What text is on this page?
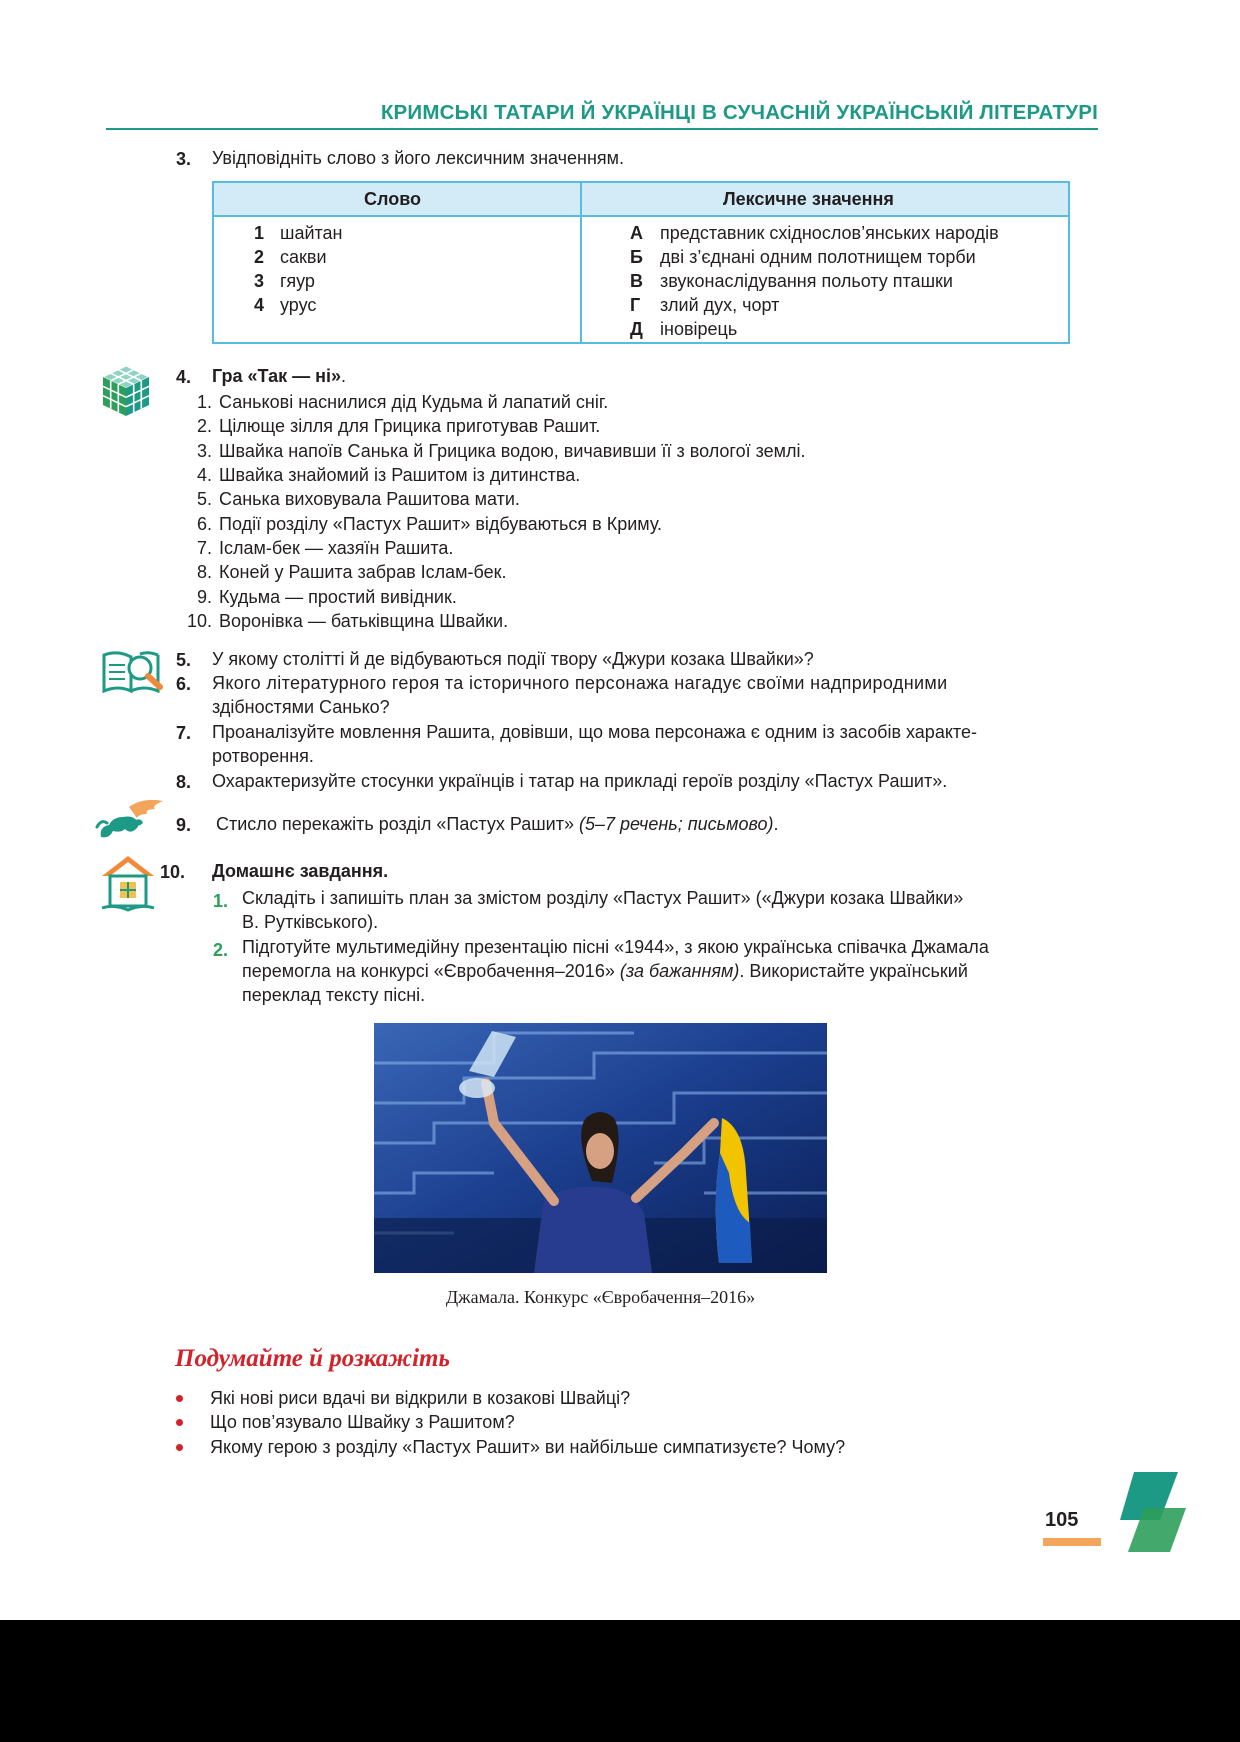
КРИМСЬКІ ТАТАРИ Й УКРАЇНЦІ В СУЧАСНІЙ УКРАЇНСЬКІЙ ЛІТЕРАТУРІ
3. Увідповідніть слово з його лексичним значенням.
Слово	Лексичне значення
1 шайтан
2 сакви
3 гяур
4 урус
А представник східнослов’янських народів
Б дві з’єднані одним полотнищем торби
В звуконаслідування польоту пташки
Г злий дух, чорт
Д іновірець
4. Гра «Так — ні».
1. Санькові наснилися дід Кудьма й лапатий сніг.
2. Цілюще зілля для Грицика приготував Рашит.
3. Швайка напоїв Санька й Грицика водою, вичавивши її з вологої землі.
4. Швайка знайомий із Рашитом із дитинства.
5. Санька виховувала Рашитова мати.
6. Події розділу «Пастух Рашит» відбуваються в Криму.
7. Іслам-бек — хазяїн Рашита.
8. Коней у Рашита забрав Іслам-бек.
9. Кудьма — простий вивідник.
10. Воронівка — батьківщина Швайки.
5. У якому столітті й де відбуваються події твору «Джури козака Швайки»?
6. Якого літературного героя та історичного персонажа нагадує своїми надприродними
здібностями Санько?
7. Проаналізуйте мовлення Рашита, довівши, що мова персонажа є одним із засобів характе-
ротворення.
8. Охарактеризуйте стосунки українців і татар на прикладі героїв розділу «Пастух Рашит».
9. Стисло перекажіть розділ «Пастух Рашит» (5–7 речень; письмово).
10. Домашнє завдання.
1. Складіть і запишіть план за змістом розділу «Пастух Рашит» («Джури козака Швайки»
В. Рутківського).
2. Підготуйте мультимедійну презентацію пісні «1944», з якою українська співачка Джамала
перемогла на конкурсі «Євробачення–2016» (за бажанням). Використайте український
переклад тексту пісні.
Джамала. Конкурс «Євробачення–2016»
Подумайте й розкажіть
Які нові риси вдачі ви відкрили в козакові Швайці?
Що пов’язувало Швайку з Рашитом?
Якому герою з розділу «Пастух Рашит» ви найбільше симпатизуєте? Чому?
105
